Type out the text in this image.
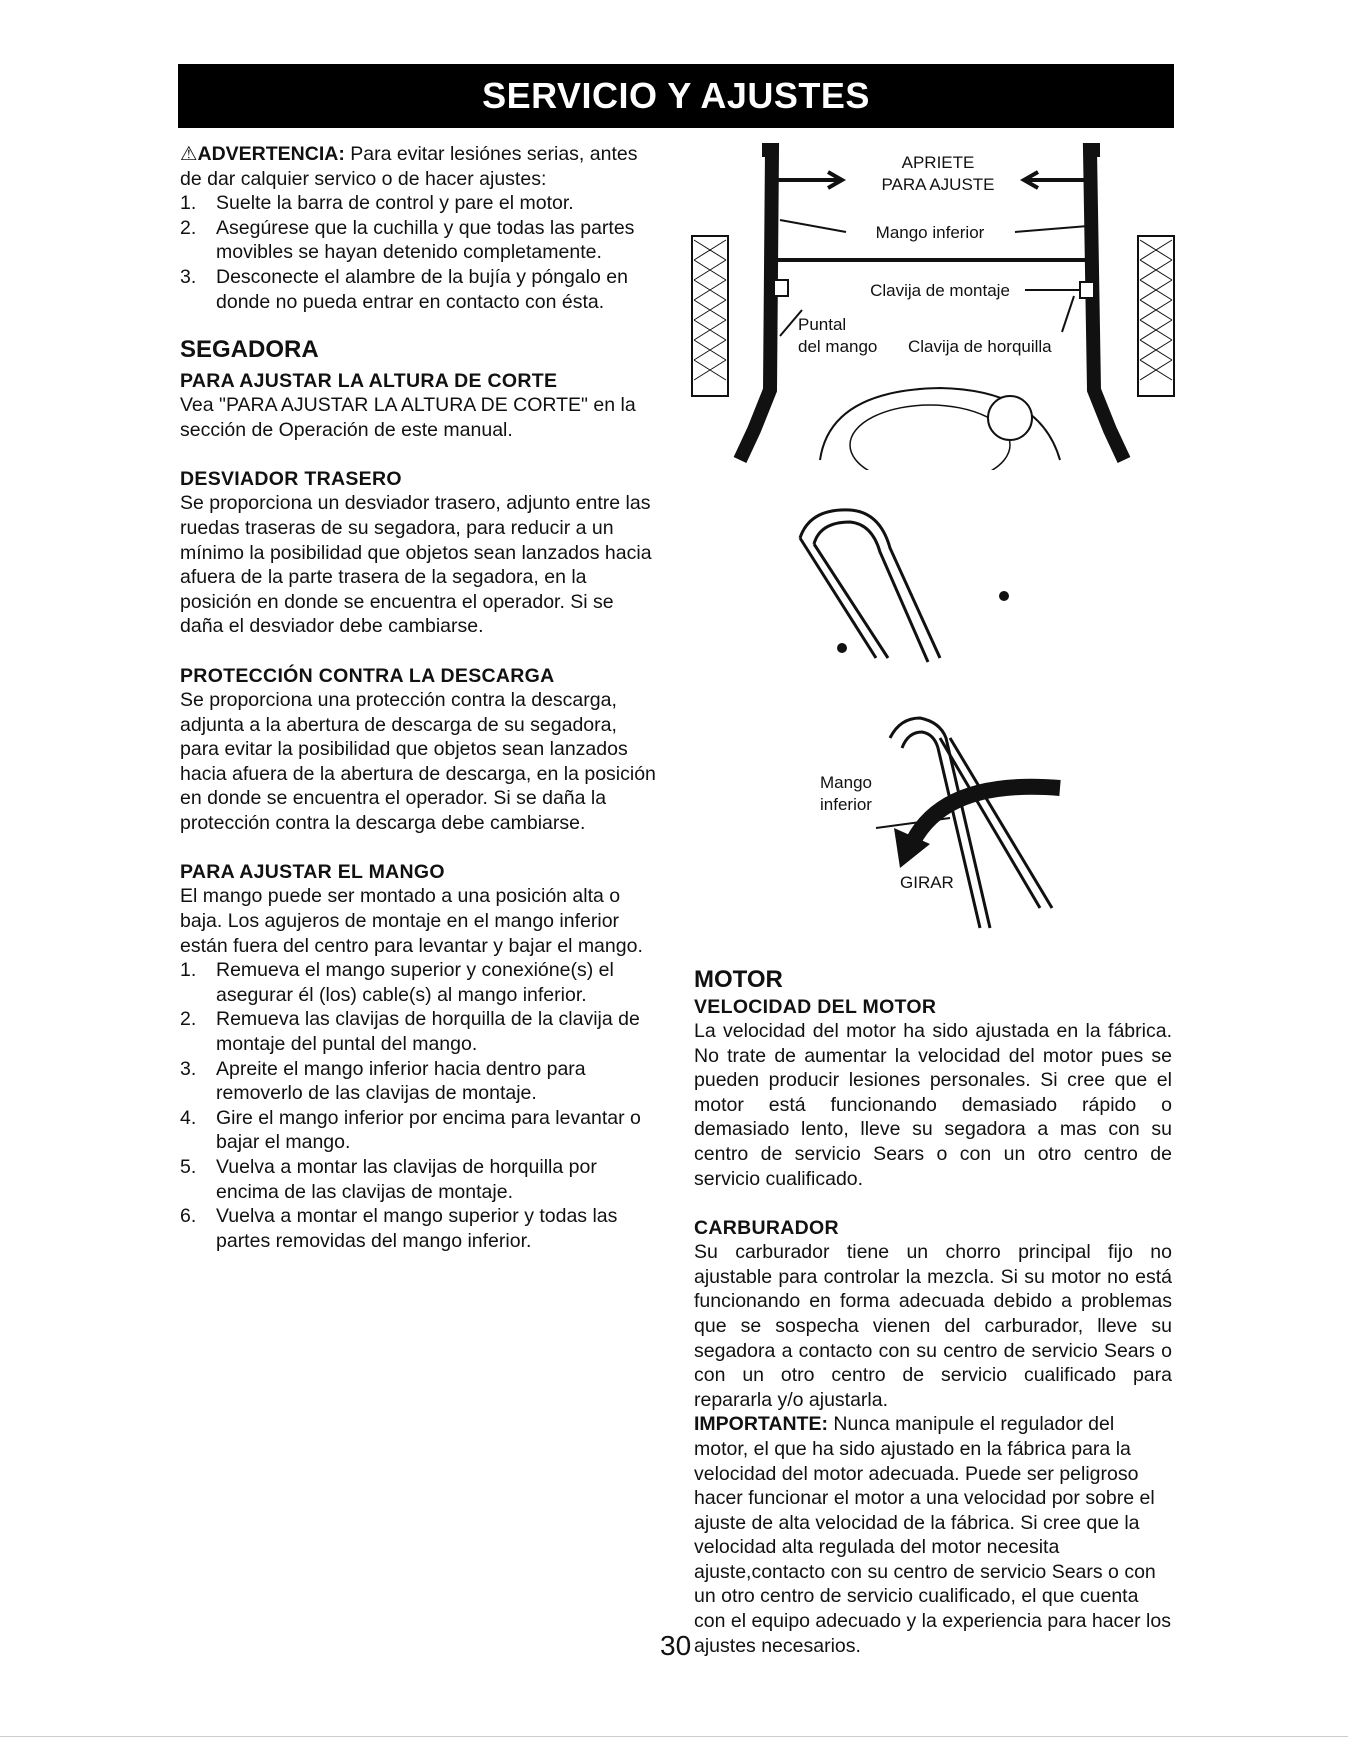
SERVICIO Y AJUSTES

⚠ADVERTENCIA: Para evitar lesiónes serias, antes de dar calquier servico o de hacer ajustes:

1.	Suelte la barra de control y pare el motor.
2.	Asegúrese que la cuchilla y que todas las partes movibles se hayan detenido completamente.
3.	Desconecte el alambre de la bujía y póngalo en donde no pueda entrar en contacto con ésta.
SEGADORA
PARA AJUSTAR LA ALTURA DE CORTE

Vea "PARA AJUSTAR LA ALTURA DE CORTE" en la sección de Operación de este manual.

DESVIADOR TRASERO

Se proporciona un desviador trasero, adjunto entre las ruedas traseras de su segadora, para reducir a un mínimo la posibilidad que objetos sean lanzados hacia afuera de la parte trasera de la segadora, en la posición en donde se encuentra el operador. Si se daña el desviador debe cambiarse.

PROTECCIÓN CONTRA LA DESCARGA

Se proporciona una protección contra la descarga, adjunta a la abertura de descarga de su segadora, para evitar la posibilidad que objetos sean lanzados hacia afuera de la abertura de descarga, en la posición en donde se encuentra el operador. Si se daña la protección contra la descarga debe cambiarse.

PARA AJUSTAR EL MANGO

El mango puede ser montado a una posición alta o baja. Los agujeros de montaje en el mango inferior están fuera del centro para levantar y bajar el mango.

1.	Remueva el mango superior y conexióne(s) el asegurar él (los) cable(s) al mango inferior.
2.	Remueva las clavijas de horquilla de la clavija de montaje del puntal del mango.
3.	Apreite el mango inferior hacia dentro para removerlo de las clavijas de montaje.
4.	Gire el mango inferior por encima para levantar o bajar el mango.
5.	Vuelva a montar las clavijas de horquilla por encima de las clavijas de montaje.
6.	Vuelva a montar el mango superior y todas las partes removidas del mango inferior.
APRIETE
PARA AJUSTE
Mango inferior
Clavija de montaje
Puntal
del mango Clavija de horquilla
Mango
inferior
GIRAR
MOTOR
VELOCIDAD DEL MOTOR

La velocidad del motor ha sido ajustada en la fábrica. No trate de aumentar la velocidad del motor pues se pueden producir lesiones personales. Si cree que el motor está funcionando demasiado rápido o demasiado lento, lleve su segadora a mas con su centro de servicio Sears o con un otro centro de servicio cualificado.

CARBURADOR

Su carburador tiene un chorro principal fijo no ajustable para controlar la mezcla. Si su motor no está funcionando en forma adecuada debido a problemas que se sospecha vienen del carburador, lleve su segadora a contacto con su centro de servicio Sears o con un otro centro de servicio cualificado para repararla y/o ajustarla.

IMPORTANTE: Nunca manipule el regulador del motor, el que ha sido ajustado en la fábrica para la velocidad del motor adecuada. Puede ser peligroso hacer funcionar el motor a una velocidad por sobre el ajuste de alta velocidad de la fábrica. Si cree que la velocidad alta regulada del motor necesita ajuste,contacto con su centro de servicio Sears o con un otro centro de servicio cualificado, el que cuenta con el equipo adecuado y la experiencia para hacer los ajustes necesarios.

30
